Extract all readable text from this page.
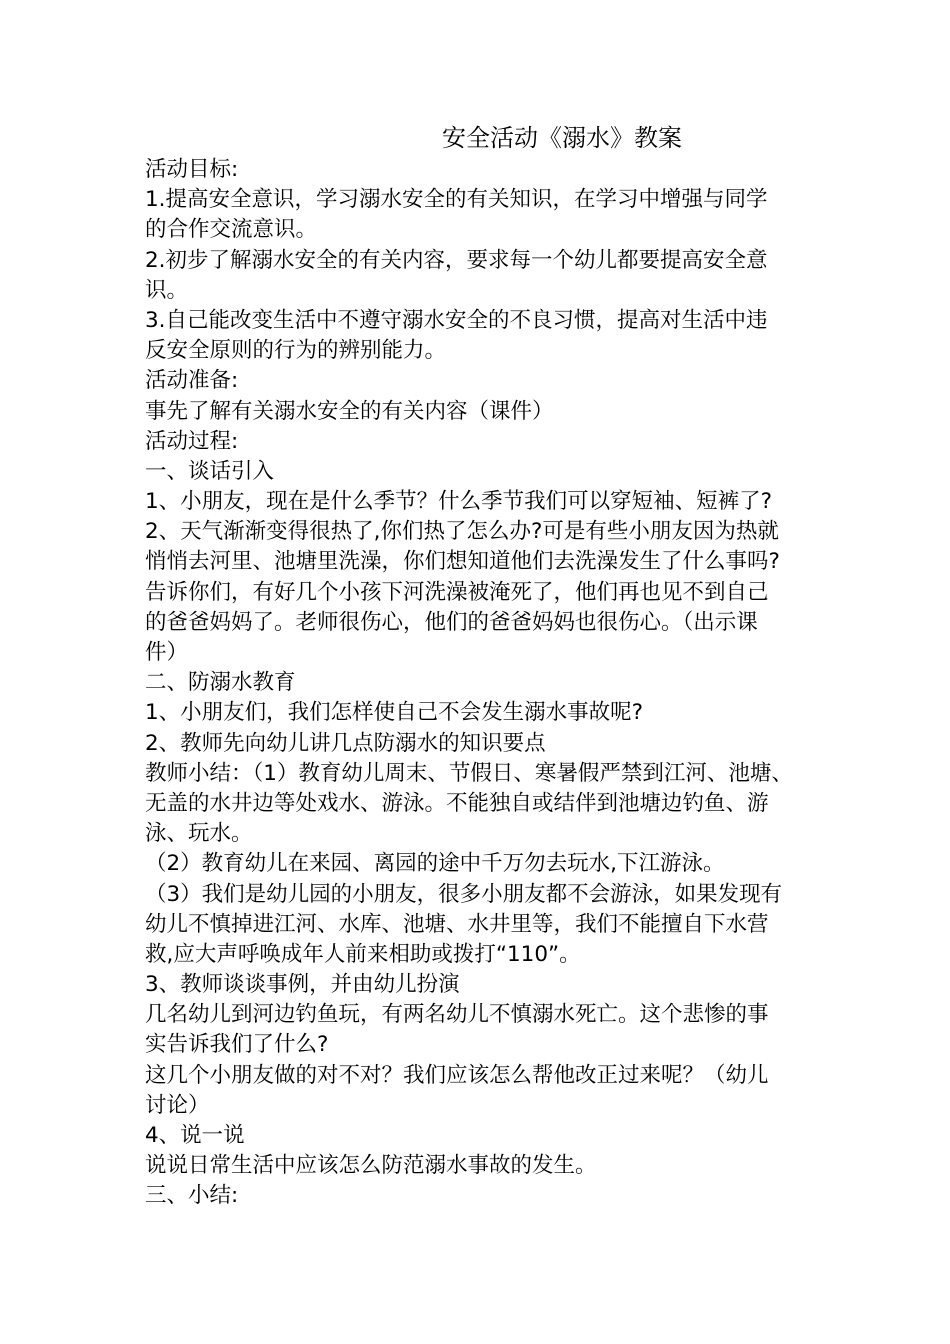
安全活动《溺水》教案
活动目标:
1.提高安全意识，学习溺水安全的有关知识，在学习中增强与同学
的合作交流意识。
2.初步了解溺水安全的有关内容，要求每一个幼儿都要提高安全意
识。
3.自己能改变生活中不遵守溺水安全的不良习惯，提高对生活中违
反安全原则的行为的辨别能力。
活动准备:
事先了解有关溺水安全的有关内容（课件）
活动过程:
一、谈话引入
1、小朋友，现在是什么季节？什么季节我们可以穿短袖、短裤了?
2、天气渐渐变得很热了,你们热了怎么办?可是有些小朋友因为热就
悄悄去河里、池塘里洗澡，你们想知道他们去洗澡发生了什么事吗?
告诉你们，有好几个小孩下河洗澡被淹死了，他们再也见不到自己
的爸爸妈妈了。老师很伤心，他们的爸爸妈妈也很伤心。（出示课
件）
二、防溺水教育
1、小朋友们，我们怎样使自己不会发生溺水事故呢?
2、教师先向幼儿讲几点防溺水的知识要点
教师小结：（1）教育幼儿周末、节假日、寒暑假严禁到江河、池塘、
无盖的水井边等处戏水、游泳。不能独自或结伴到池塘边钓鱼、游
泳、玩水。
（2）教育幼儿在来园、离园的途中千万勿去玩水,下江游泳。
（3）我们是幼儿园的小朋友，很多小朋友都不会游泳，如果发现有
幼儿不慎掉进江河、水库、池塘、水井里等，我们不能擅自下水营
救,应大声呼唤成年人前来相助或拨打“110”。
3、教师谈谈事例，并由幼儿扮演
几名幼儿到河边钓鱼玩，有两名幼儿不慎溺水死亡。这个悲惨的事
实告诉我们了什么?
这几个小朋友做的对不对？我们应该怎么帮他改正过来呢？（幼儿
讨论）
4、说一说
说说日常生活中应该怎么防范溺水事故的发生。
三、小结:
